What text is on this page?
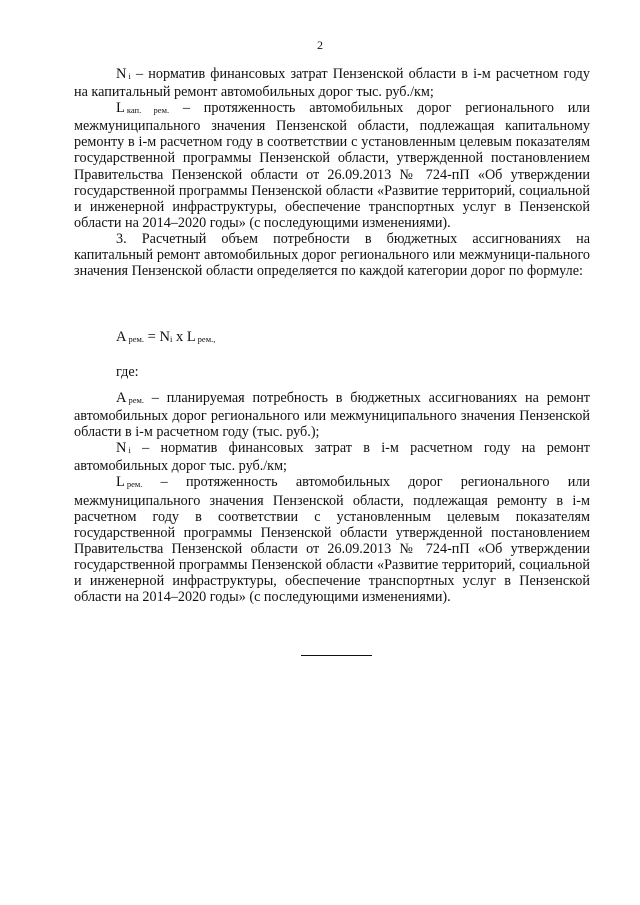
2

Ni – норматив финансовых затрат Пензенской области в i-м расчетном году на капитальный ремонт автомобильных дорог тыс. руб./км;

Lкап. рем. – протяженность автомобильных дорог регионального или межмуниципального значения Пензенской области, подлежащая капитальному ремонту в i-м расчетном году в соответствии с установленным целевым показателям государственной программы Пензенской области, утвержденной постановлением Правительства Пензенской области от 26.09.2013 № 724-пП «Об утверждении государственной программы Пензенской области «Развитие территорий, социальной и инженерной инфраструктуры, обеспечение транспортных услуг в Пензенской области на 2014–2020 годы» (с последующими изменениями).

3. Расчетный объем потребности в бюджетных ассигнованиях на капитальный ремонт автомобильных дорог регионального или межмуници-пального значения Пензенской области определяется по каждой категории дорог по формуле:

Aрем. = Ni x L рем.,
где:

Aрем. – планируемая потребность в бюджетных ассигнованиях на ремонт автомобильных дорог регионального или межмуниципального значения Пензенской области в i-м расчетном году (тыс. руб.);

Ni – норматив финансовых затрат в i-м расчетном году на ремонт автомобильных дорог тыс. руб./км;

Lрем. – протяженность автомобильных дорог регионального или межмуниципального значения Пензенской области, подлежащая ремонту в i-м расчетном году в соответствии с установленным целевым показателям государственной программы Пензенской области утвержденной постановлением Правительства Пензенской области от 26.09.2013 № 724-пП «Об утверждении государственной программы Пензенской области «Развитие территорий, социальной и инженерной инфраструктуры, обеспечение транспортных услуг в Пензенской области на 2014–2020 годы» (с последующими изменениями).
